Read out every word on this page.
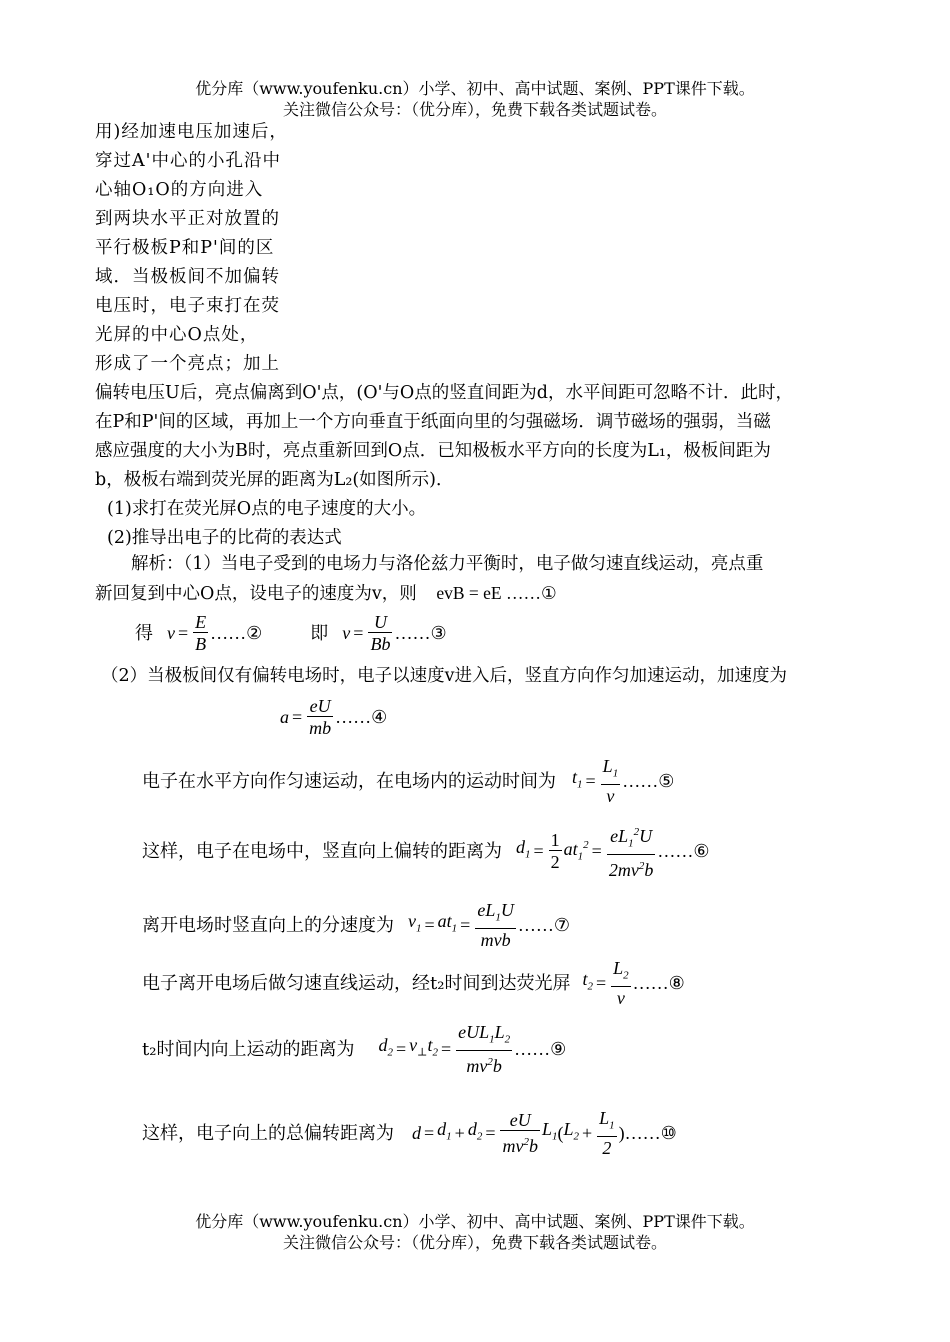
优分库（www.youfenku.cn）小学、初中、高中试题、案例、PPT课件下载。
关注微信公众号：（优分库），免费下载各类试题试卷。
用)经加速电压加速后，
穿过A'中心的小孔沿中
心轴O₁O的方向进入
到两块水平正对放置的
平行极板P和P'间的区
域．当极板间不加偏转
电压时，电子束打在荧
光屏的中心O点处，
形成了一个亮点；加上
偏转电压U后，亮点偏离到O'点，(O'与O点的竖直间距为d，水平间距可忽略不计．此时，
在P和P'间的区域，再加上一个方向垂直于纸面向里的匀强磁场．调节磁场的强弱，当磁
感应强度的大小为B时，亮点重新回到O点．已知极板水平方向的长度为L₁，极板间距为
b，极板右端到荧光屏的距离为L₂(如图所示)．
(1)求打在荧光屏O点的电子速度的大小。
(2)推导出电子的比荷的表达式
解析：（1）当电子受到的电场力与洛伦兹力平衡时，电子做匀速直线运动，亮点重
新回复到中心O点，设电子的速度为v，则 evB = eE ……①
得 $v = \frac{E}{B}$ ……②	即 $v = \frac{U}{Bb}$ ……③
（2）当极板间仅有偏转电场时，电子以速度v进入后，竖直方向作匀加速运动，加速度为
$a = \frac{eU}{mb}$ ……④
电子在水平方向作匀速运动，在电场内的运动时间为 $t_1 = \frac{L_1}{v}$ ……⑤
这样，电子在电场中，竖直向上偏转的距离为 $d_1 = \frac{1}{2} at_1^2 = \frac{eL_1^2U}{2mv^2b}$ ……⑥
离开电场时竖直向上的分速度为 $v_1 = at_1 = \frac{eL_1U}{\text{mvb}}$ ……⑦
电子离开电场后做匀速直线运动，经t₂时间到达荧光屏 $t_2 = \frac{L_2}{v}$ ……⑧
t₂时间内向上运动的距离为 $d_2 = v_\perp t_2 = \frac{eUL_1L_2}{mv^2b}$ ……⑨
这样，电子向上的总偏转距离为 $d = d_1 + d_2 = \frac{eU}{mv^2b} L_1$ ( $L_2 + \frac{L_1}{2}$ ) ……⑩
优分库（www.youfenku.cn）小学、初中、高中试题、案例、PPT课件下载。
关注微信公众号：（优分库），免费下载各类试题试卷。
